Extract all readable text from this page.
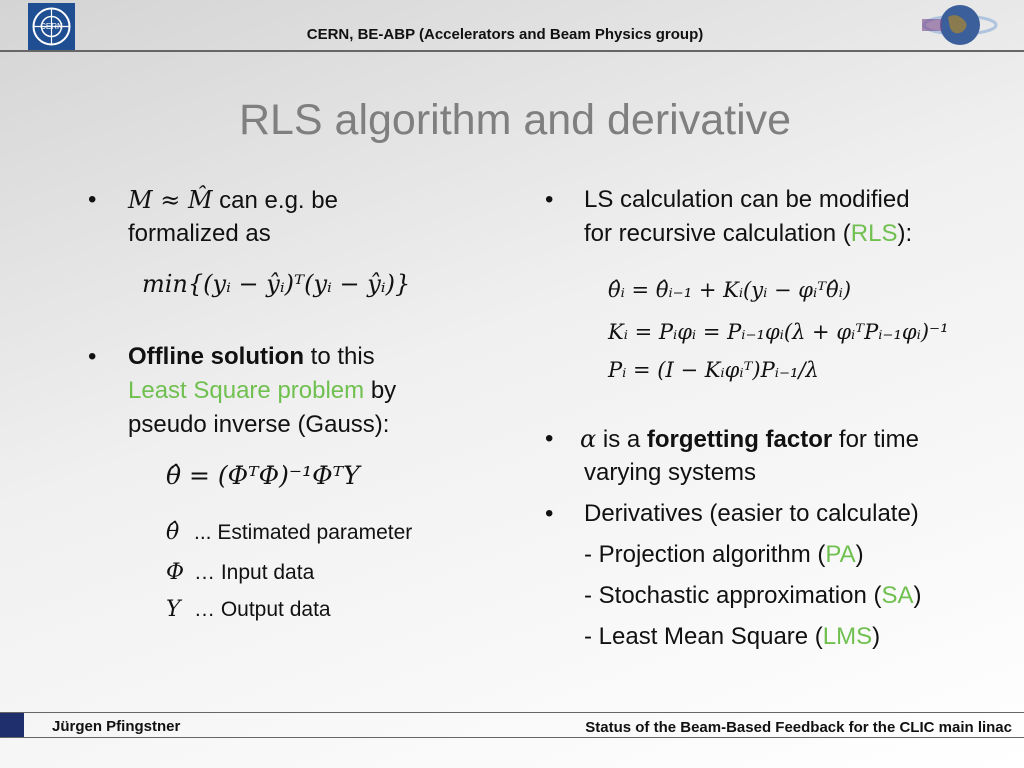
CERN	CERN, BE-ABP (Accelerators and Beam Physics group)
RLS algorithm and derivative
• M ≈ M̂ can e.g. be
formalized as
min{(yᵢ − ŷᵢ)ᵀ(yᵢ − ŷᵢ)}
• Offline solution to this
Least Square problem by
pseudo inverse (Gauss):
θ̂ = (ΦᵀΦ)⁻¹ΦᵀY
θ̂ ... Estimated parameter
Φ … Input data
Y … Output data
• LS calculation can be modified
for recursive calculation (RLS):
θ̂ᵢ = θ̂ᵢ₋₁ + Kᵢ(yᵢ − φᵢᵀθ̂ᵢ)
Kᵢ = Pᵢφᵢ = Pᵢ₋₁φᵢ(λ + φᵢᵀPᵢ₋₁φᵢ)⁻¹
Pᵢ = (I − Kᵢφᵢᵀ)Pᵢ₋₁/λ
• α is a forgetting factor for time
varying systems
• Derivatives (easier to calculate)
- Projection algorithm (PA)
- Stochastic approximation (SA)
- Least Mean Square (LMS)
Jürgen Pfingstner	Status of the Beam-Based Feedback for the CLIC main linac
